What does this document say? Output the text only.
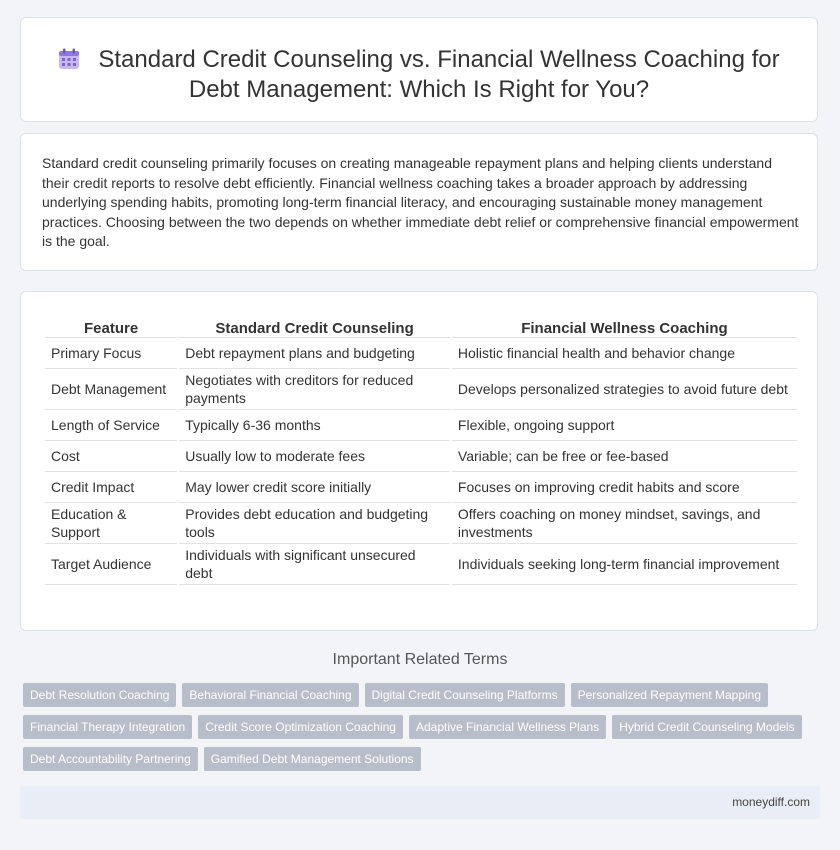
Standard Credit Counseling vs. Financial Wellness Coaching for
Debt Management: Which Is Right for You?
Standard credit counseling primarily focuses on creating manageable repayment plans and helping clients understand their credit reports to resolve debt efficiently. Financial wellness coaching takes a broader approach by addressing underlying spending habits, promoting long-term financial literacy, and encouraging sustainable money management practices. Choosing between the two depends on whether immediate debt relief or comprehensive financial empowerment is the goal.
Feature	Standard Credit Counseling	Financial Wellness Coaching
Primary Focus	Debt repayment plans and budgeting	Holistic financial health and behavior change
Debt Management	Negotiates with creditors for reduced payments	Develops personalized strategies to avoid future debt
Length of Service	Typically 6-36 months	Flexible, ongoing support
Cost	Usually low to moderate fees	Variable; can be free or fee-based
Credit Impact	May lower credit score initially	Focuses on improving credit habits and score
Education & Support	Provides debt education and budgeting tools	Offers coaching on money mindset, savings, and investments
Target Audience	Individuals with significant unsecured debt	Individuals seeking long-term financial improvement
Important Related Terms
Debt Resolution Coaching Behavioral Financial Coaching Digital Credit Counseling Platforms Personalized Repayment Mapping
Financial Therapy Integration Credit Score Optimization Coaching Adaptive Financial Wellness Plans Hybrid Credit Counseling Models
Debt Accountability Partnering Gamified Debt Management Solutions
moneydiff.com
